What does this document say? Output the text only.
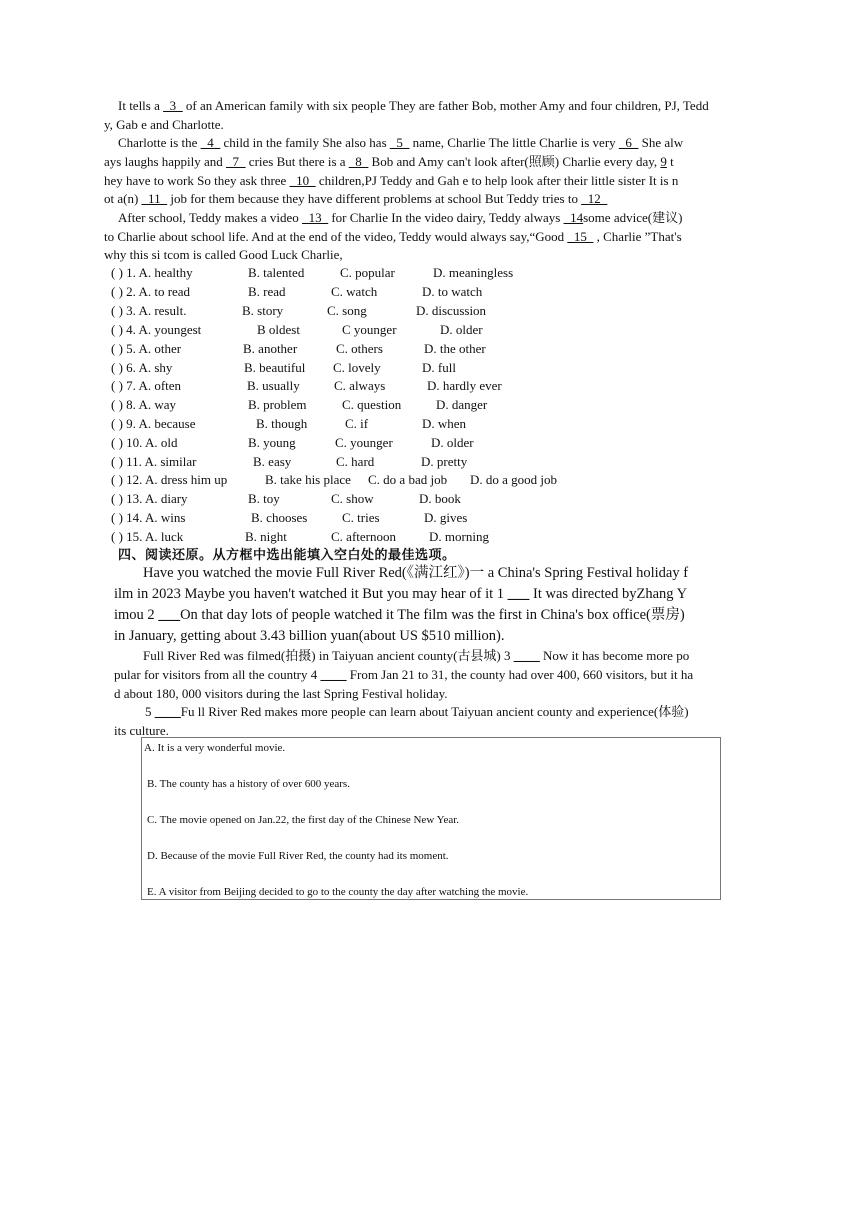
It tells a _3_ of an American family with six people They are father Bob, mother Amy and four children, PJ, Tedd
y, Gab e and Charlotte.
Charlotte is the _4_ child in the family She also has _5_ name, Charlie The little Charlie is very _6_ She alw
ays laughs happily and _7_ cries But there is a _8_ Bob and Amy can't look after(照顾) Charlie every day, 9 t
hey have to work So they ask three _10_ children,PJ Teddy and Gah e to help look after their little sister It is n
ot a(n) _11_ job for them because they have different problems at school But Teddy tries to _12_
After school, Teddy makes a video _13_ for Charlie In the video dairy, Teddy always _14some advice(建议)
to Charlie about school life. And at the end of the video, Teddy would always say,“Good _15_ , Charlie ”That's
why this si tcom is called Good Luck Charlie,
( ) 1. A. healthy	B. talented	C. popular	D. meaningless
( ) 2. A. to read	B. read	C. watch	D. to watch
( ) 3. A. result.	B. story	C. song	D. discussion
( ) 4. A. youngest	B oldest	C younger	D. older
( ) 5. A. other	B. another	C. others	D. the other
( ) 6. A. shy	B. beautiful C. lovely	D. full
( ) 7. A. often	B. usually	C. always	D. hardly ever
( ) 8. A. way	B. problem	C. question	D. danger
( ) 9. A. because	B. though	C. if	D. when
( ) 10. A. old	B. young	C. younger	D. older
( ) 11. A. similar	B. easy	C. hard	D. pretty
( ) 12. A. dress him up	B. take his place C. do a bad job D. do a good job
( ) 13. A. diary	B. toy	C. show	D. book
( ) 14. A. wins	B. chooses	C. tries	D. gives
( ) 15. A. luck	B. night	C. afternoon	D. morning
四、阅读还原。从方框中选出能填入空白处的最佳选项。
Have you watched the movie Full River Red(《满江红》)一 a China's Spring Festival holiday f
ilm in 2023 Maybe you haven't watched it But you may hear of it 1 ___ It was directed byZhang Y
imou 2 ___On that day lots of people watched it The film was the first in China's box office(票房)
in January, getting about 3.43 billion yuan(about US $510 million).
Full River Red was filmed(拍摄) in Taiyuan ancient county(古县城) 3 ____ Now it has become more po
pular for visitors from all the country 4 ____ From Jan 21 to 31, the county had over 400, 660 visitors, but it ha
d about 180, 000 visitors during the last Spring Festival holiday.
5 ____Fu ll River Red makes more people can learn about Taiyuan ancient county and experience(体验)
its culture.
A. It is a very wonderful movie.
B. The county has a history of over 600 years.
C. The movie opened on Jan.22, the first day of the Chinese New Year.
D. Because of the movie Full River Red, the county had its moment.
E. A visitor from Beijing decided to go to the county the day after watching the movie.
